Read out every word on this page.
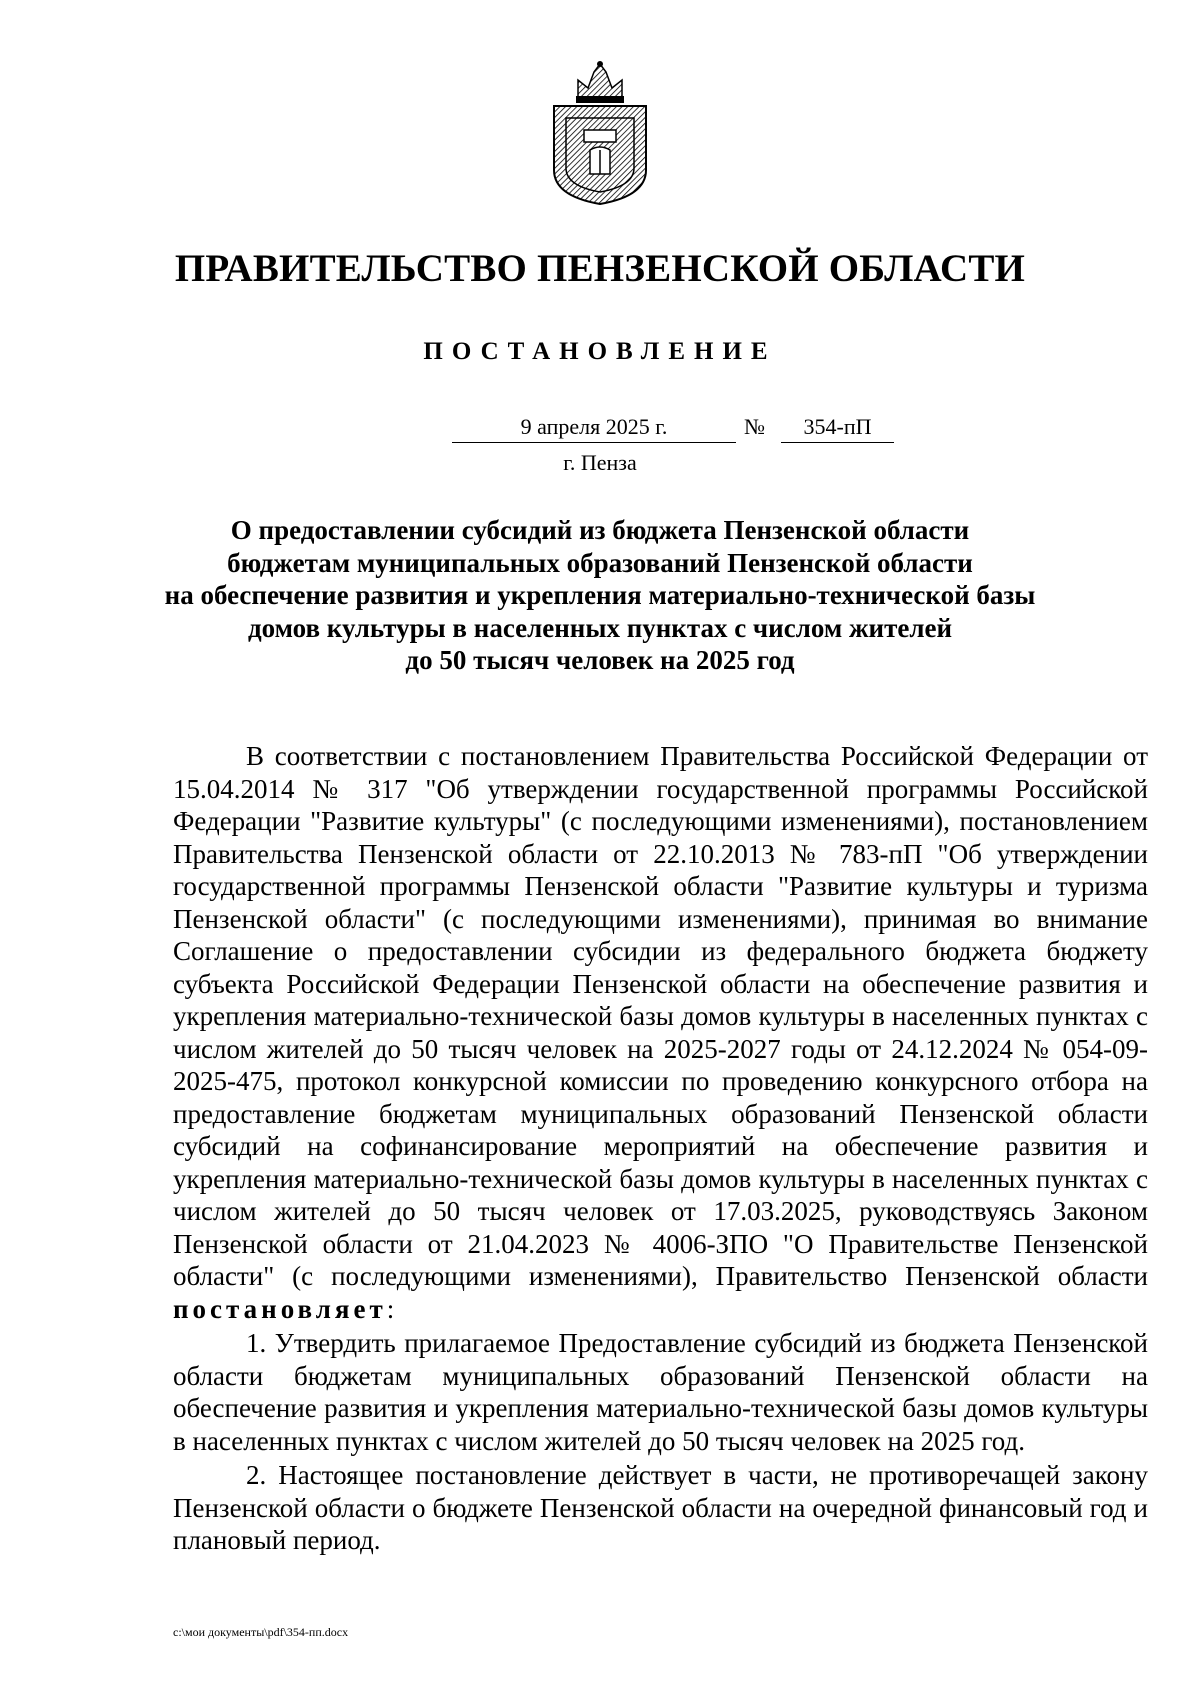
ПРАВИТЕЛЬСТВО ПЕНЗЕНСКОЙ ОБЛАСТИ
ПОСТАНОВЛЕНИЕ
9 апреля 2025 г.	№	354-пП
г. Пенза
О предоставлении субсидий из бюджета Пензенской области
бюджетам муниципальных образований Пензенской области
на обеспечение развития и укрепления материально-технической базы
домов культуры в населенных пунктах с числом жителей
до 50 тысяч человек на 2025 год

В соответствии с постановлением Правительства Российской Федерации от 15.04.2014 № 317 "Об утверждении государственной программы Российской Федерации "Развитие культуры" (с последующими изменениями), постановлением Правительства Пензенской области от 22.10.2013 № 783-пП "Об утверждении государственной программы Пензенской области "Развитие культуры и туризма Пензенской области" (с последующими изменениями), принимая во внимание Соглашение о предоставлении субсидии из федерального бюджета бюджету субъекта Российской Федерации Пензенской области на обеспечение развития и укрепления материально-технической базы домов культуры в населенных пунктах с числом жителей до 50 тысяч человек на 2025-2027 годы от 24.12.2024 № 054-09-2025-475, протокол конкурсной комиссии по проведению конкурсного отбора на предоставление бюджетам муниципальных образований Пензенской области субсидий на софинансирование мероприятий на обеспечение развития и укрепления материально-технической базы домов культуры в населенных пунктах с числом жителей до 50 тысяч человек от 17.03.2025, руководствуясь Законом Пензенской области от 21.04.2023 № 4006-ЗПО "О Правительстве Пензенской области" (с последующими изменениями), Правительство Пензенской области постановляет:

1. Утвердить прилагаемое Предоставление субсидий из бюджета Пензенской области бюджетам муниципальных образований Пензенской области на обеспечение развития и укрепления материально-технической базы домов культуры в населенных пунктах с числом жителей до 50 тысяч человек на 2025 год.

2. Настоящее постановление действует в части, не противоречащей закону Пензенской области о бюджете Пензенской области на очередной финансовый год и плановый период.

c:\мои документы\pdf\354-пп.docx
